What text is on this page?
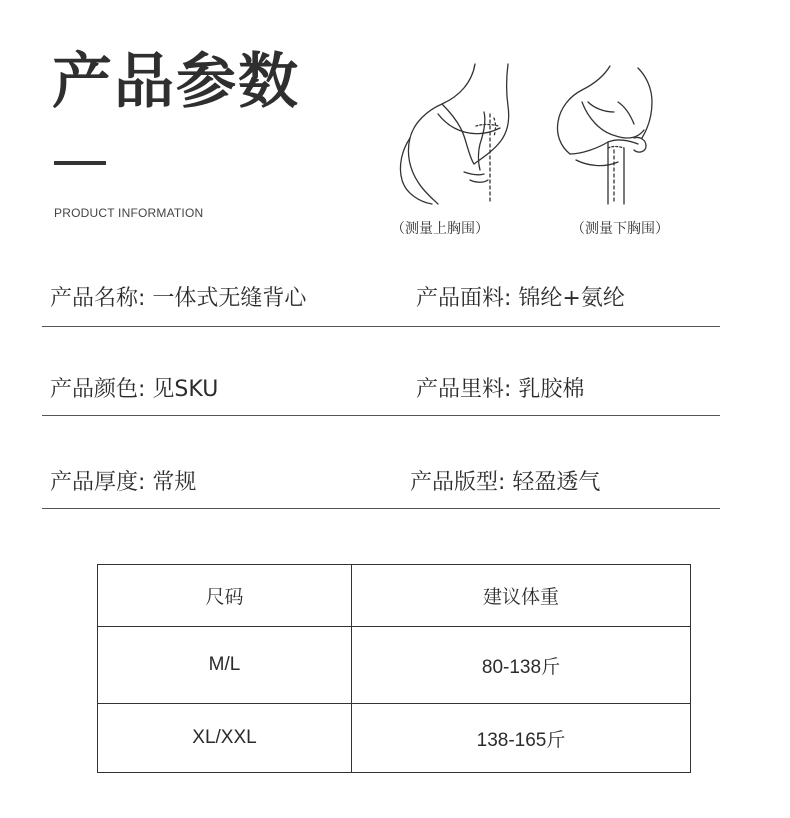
产品参数
PRODUCT INFORMATION
（测量上胸围）	（测量下胸围）
产品名称: 一体式无缝背心	产品面料: 锦纶+氨纶
产品颜色: 见SKU	产品里料: 乳胶棉
产品厚度: 常规	产品版型: 轻盈透气
尺码	建议体重
M/L	80-138斤
XL/XXL	138-165斤
